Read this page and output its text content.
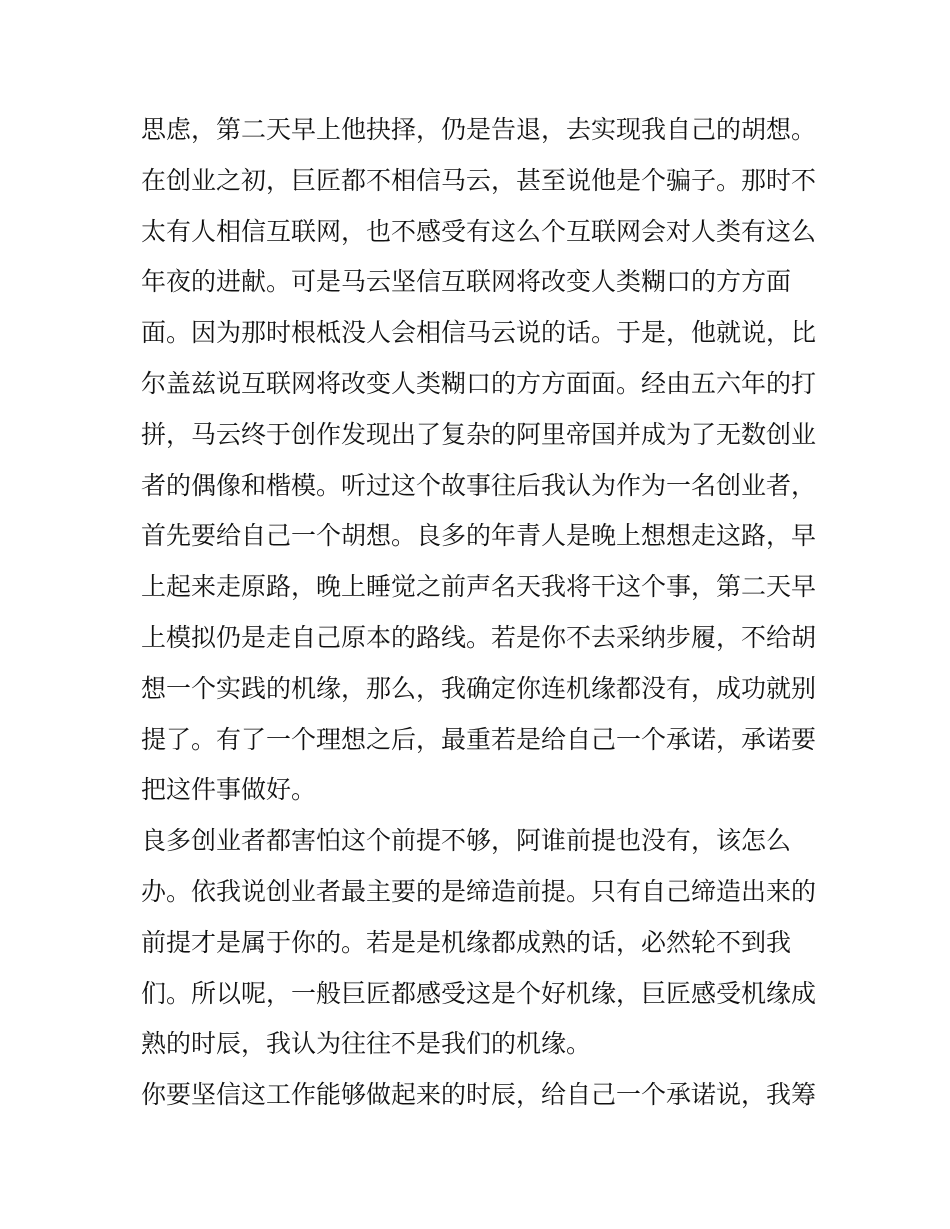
思虑，第二天早上他抉择，仍是告退，去实现我自己的胡想。
在创业之初，巨匠都不相信马云，甚至说他是个骗子。那时不
太有人相信互联网，也不感受有这么个互联网会对人类有这么
年夜的进献。可是马云坚信互联网将改变人类糊口的方方面
面。因为那时根柢没人会相信马云说的话。于是，他就说，比
尔盖兹说互联网将改变人类糊口的方方面面。经由五六年的打
拼，马云终于创作发现出了复杂的阿里帝国并成为了无数创业
者的偶像和楷模。听过这个故事往后我认为作为一名创业者，
首先要给自己一个胡想。良多的年青人是晚上想想走这路，早
上起来走原路，晚上睡觉之前声名天我将干这个事，第二天早
上模拟仍是走自己原本的路线。若是你不去采纳步履，不给胡
想一个实践的机缘，那么，我确定你连机缘都没有，成功就别
提了。有了一个理想之后，最重若是给自己一个承诺，承诺要
把这件事做好。
良多创业者都害怕这个前提不够，阿谁前提也没有，该怎么
办。依我说创业者最主要的是缔造前提。只有自己缔造出来的
前提才是属于你的。若是是机缘都成熟的话，必然轮不到我
们。所以呢，一般巨匠都感受这是个好机缘，巨匠感受机缘成
熟的时辰，我认为往往不是我们的机缘。
你要坚信这工作能够做起来的时辰，给自己一个承诺说，我筹
